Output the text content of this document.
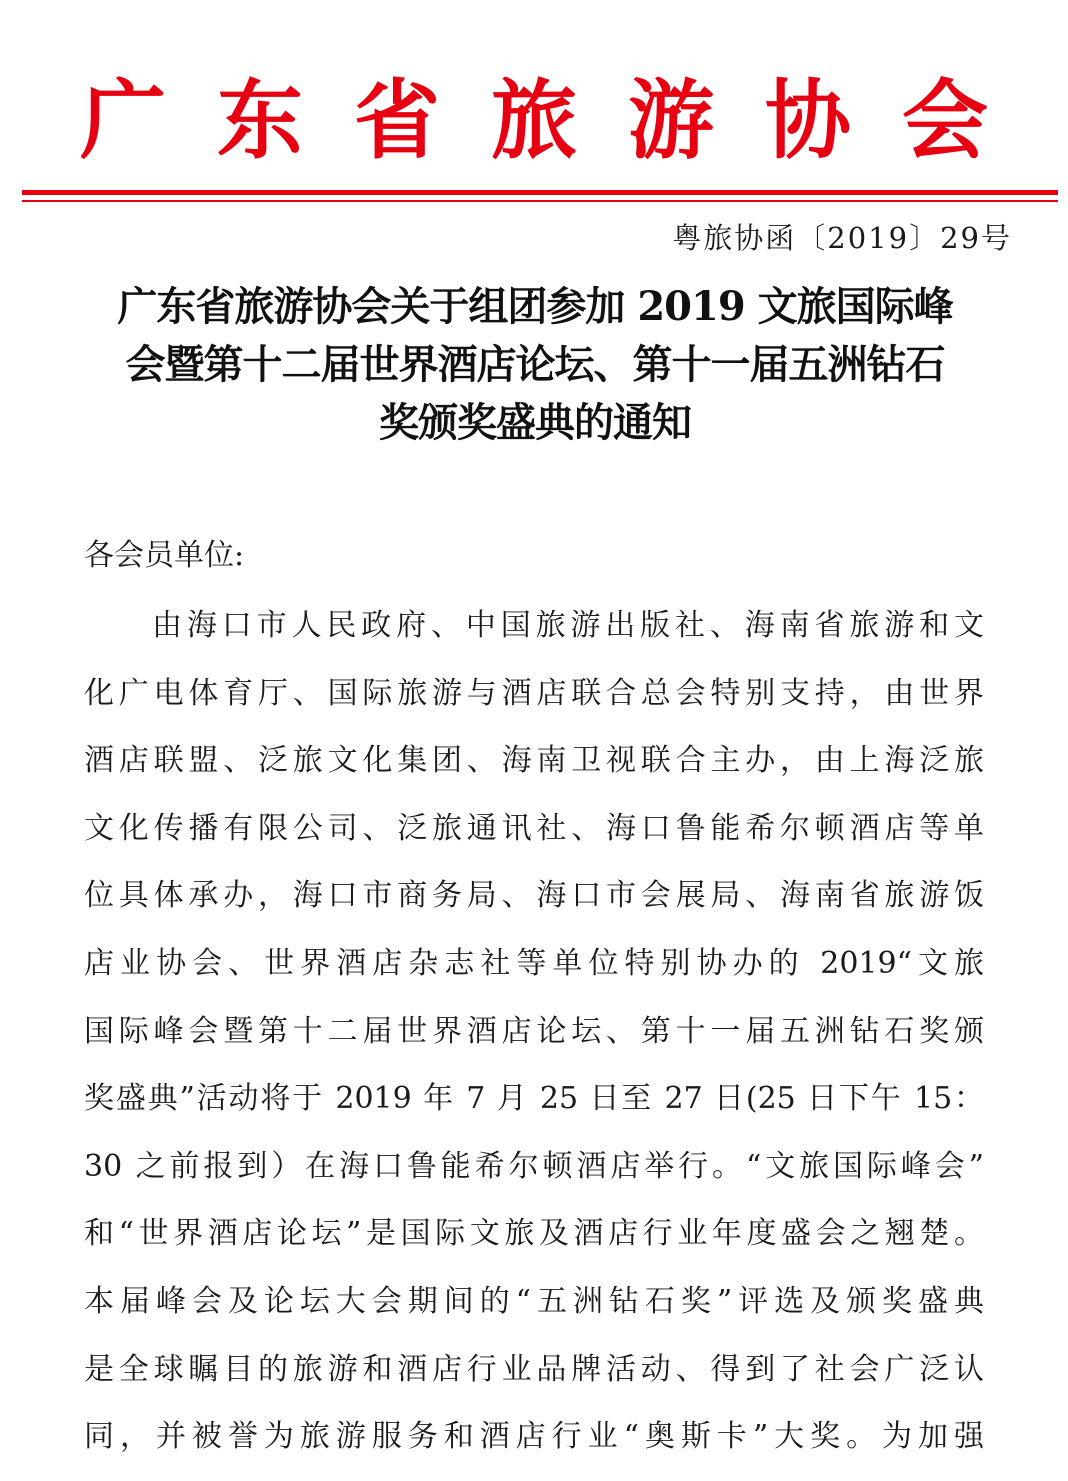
广东省旅游协会
粤旅协函〔2019〕29号
广东省旅游协会关于组团参加 2019 文旅国际峰
会暨第十二届世界酒店论坛、第十一届五洲钻石
奖颁奖盛典的通知
各会员单位:
由海口市人民政府、中国旅游出版社、海南省旅游和文
化广电体育厅、国际旅游与酒店联合总会特别支持，由世界
酒店联盟、泛旅文化集团、海南卫视联合主办，由上海泛旅
文化传播有限公司、泛旅通讯社、海口鲁能希尔顿酒店等单
位具体承办，海口市商务局、海口市会展局、海南省旅游饭
店业协会、世界酒店杂志社等单位特别协办的 2019“文旅
国际峰会暨第十二届世界酒店论坛、第十一届五洲钻石奖颁
奖盛典”活动将于 2019 年 7 月 25 日至 27 日(25 日下午 15：
30 之前报到）在海口鲁能希尔顿酒店举行。“文旅国际峰会”
和“世界酒店论坛”是国际文旅及酒店行业年度盛会之翘楚。
本届峰会及论坛大会期间的“五洲钻石奖”评选及颁奖盛典
是全球瞩目的旅游和酒店行业品牌活动、得到了社会广泛认
同，并被誉为旅游服务和酒店行业“奥斯卡”大奖。为加强
